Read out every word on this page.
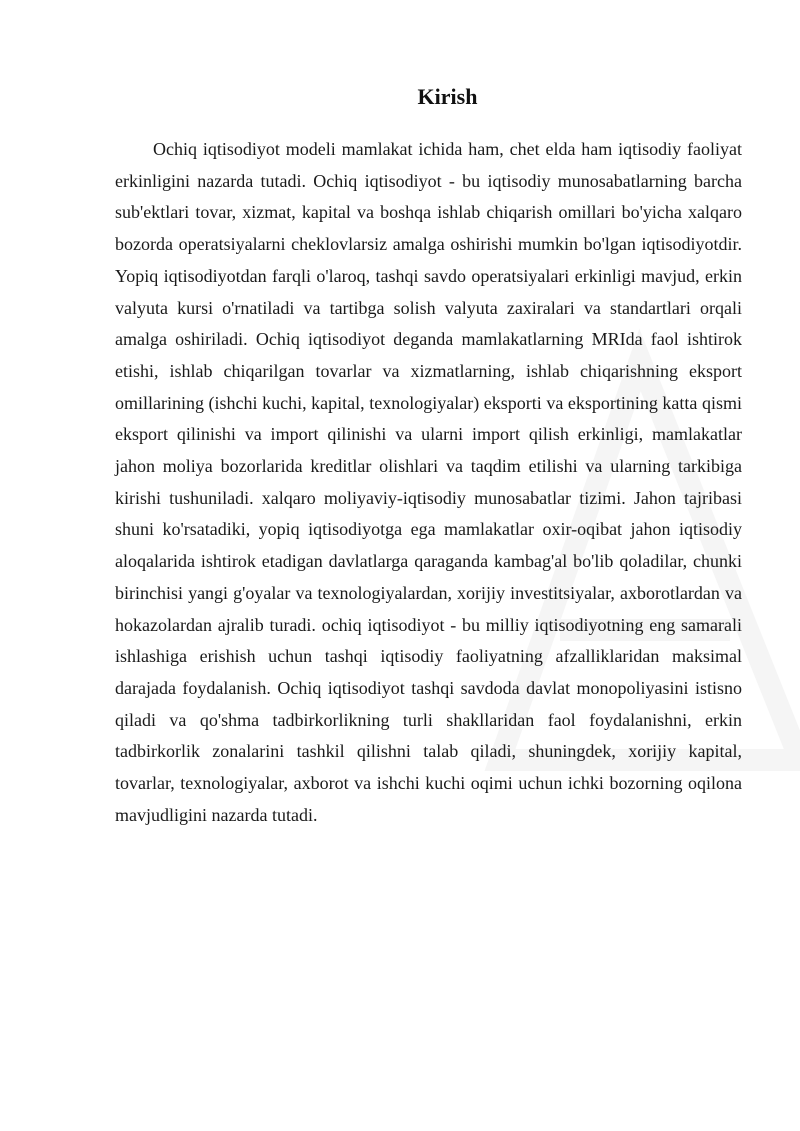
Kirish

Ochiq iqtisodiyot modeli mamlakat ichida ham, chet elda ham iqtisodiy faoliyat erkinligini nazarda tutadi. Ochiq iqtisodiyot - bu iqtisodiy munosabatlarning barcha sub'ektlari tovar, xizmat, kapital va boshqa ishlab chiqarish omillari bo'yicha xalqaro bozorda operatsiyalarni cheklovlarsiz amalga oshirishi mumkin bo'lgan iqtisodiyotdir. Yopiq iqtisodiyotdan farqli o'laroq, tashqi savdo operatsiyalari erkinligi mavjud, erkin valyuta kursi o'rnatiladi va tartibga solish valyuta zaxiralari va standartlari orqali amalga oshiriladi. Ochiq iqtisodiyot deganda mamlakatlarning MRIda faol ishtirok etishi, ishlab chiqarilgan tovarlar va xizmatlarning, ishlab chiqarishning eksport omillarining (ishchi kuchi, kapital, texnologiyalar) eksporti va eksportining katta qismi eksport qilinishi va import qilinishi va ularni import qilish erkinligi, mamlakatlar jahon moliya bozorlarida kreditlar olishlari va taqdim etilishi va ularning tarkibiga kirishi tushuniladi. xalqaro moliyaviy-iqtisodiy munosabatlar tizimi. Jahon tajribasi shuni ko'rsatadiki, yopiq iqtisodiyotga ega mamlakatlar oxir-oqibat jahon iqtisodiy aloqalarida ishtirok etadigan davlatlarga qaraganda kambag'al bo'lib qoladilar, chunki birinchisi yangi g'oyalar va texnologiyalardan, xorijiy investitsiyalar, axborotlardan va hokazolardan ajralib turadi. ochiq iqtisodiyot - bu milliy iqtisodiyotning eng samarali ishlashiga erishish uchun tashqi iqtisodiy faoliyatning afzalliklaridan maksimal darajada foydalanish. Ochiq iqtisodiyot tashqi savdoda davlat monopoliyasini istisno qiladi va qo'shma tadbirkorlikning turli shakllaridan faol foydalanishni, erkin tadbirkorlik zonalarini tashkil qilishni talab qiladi, shuningdek, xorijiy kapital, tovarlar, texnologiyalar, axborot va ishchi kuchi oqimi uchun ichki bozorning oqilona mavjudligini nazarda tutadi.
